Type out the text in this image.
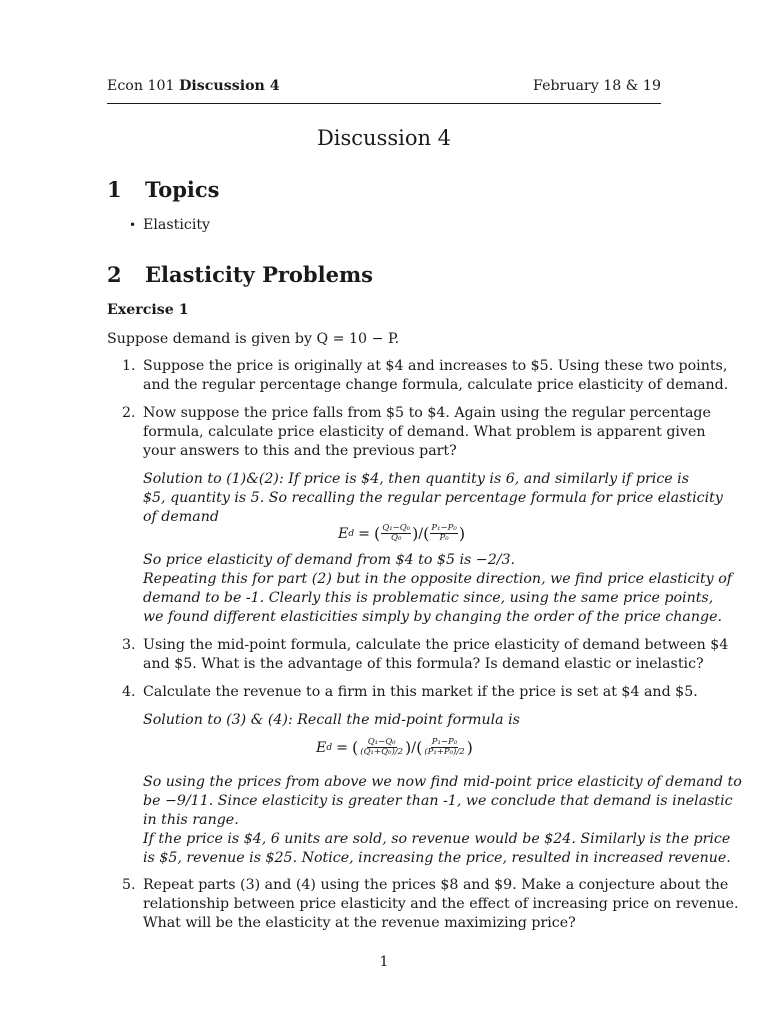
Econ 101 Discussion 4	February 18 & 19
Discussion 4
1 Topics
• Elasticity
2 Elasticity Problems
Exercise 1
Suppose demand is given by Q = 10 − P.
1. Suppose the price is originally at $4 and increases to $5. Using these two points,
and the regular percentage change formula, calculate price elasticity of demand.
2. Now suppose the price falls from $5 to $4. Again using the regular percentage
formula, calculate price elasticity of demand. What problem is apparent given
your answers to this and the previous part?
Solution to (1)&(2): If price is $4, then quantity is 6, and similarly if price is
$5, quantity is 5. So recalling the regular percentage formula for price elasticity
of demand
E d = ( $\frac{\text{Q₁−Q₀}}{\text{Q₀}}$ ) / ( $\frac{\text{P₁−P₀}}{\text{P₀}}$ )
So price elasticity of demand from $4 to $5 is −2/3.
Repeating this for part (2) but in the opposite direction, we find price elasticity of
demand to be -1. Clearly this is problematic since, using the same price points,
we found different elasticities simply by changing the order of the price change.
3. Using the mid-point formula, calculate the price elasticity of demand between $4
and $5. What is the advantage of this formula? Is demand elastic or inelastic?
4. Calculate the revenue to a firm in this market if the price is set at $4 and $5.
Solution to (3) & (4): Recall the mid-point formula is
E d = ( $\frac{\text{Q₁−Q₀}}{\text{(Q₁+Q₀)/2}}$ ) / ( $\frac{\text{P₁−P₀}}{\text{(P₁+P₀)/2}}$ )
So using the prices from above we now find mid-point price elasticity of demand to
be −9/11. Since elasticity is greater than -1, we conclude that demand is inelastic
in this range.
If the price is $4, 6 units are sold, so revenue would be $24. Similarly is the price
is $5, revenue is $25. Notice, increasing the price, resulted in increased revenue.
5. Repeat parts (3) and (4) using the prices $8 and $9. Make a conjecture about the
relationship between price elasticity and the effect of increasing price on revenue.
What will be the elasticity at the revenue maximizing price?
1
